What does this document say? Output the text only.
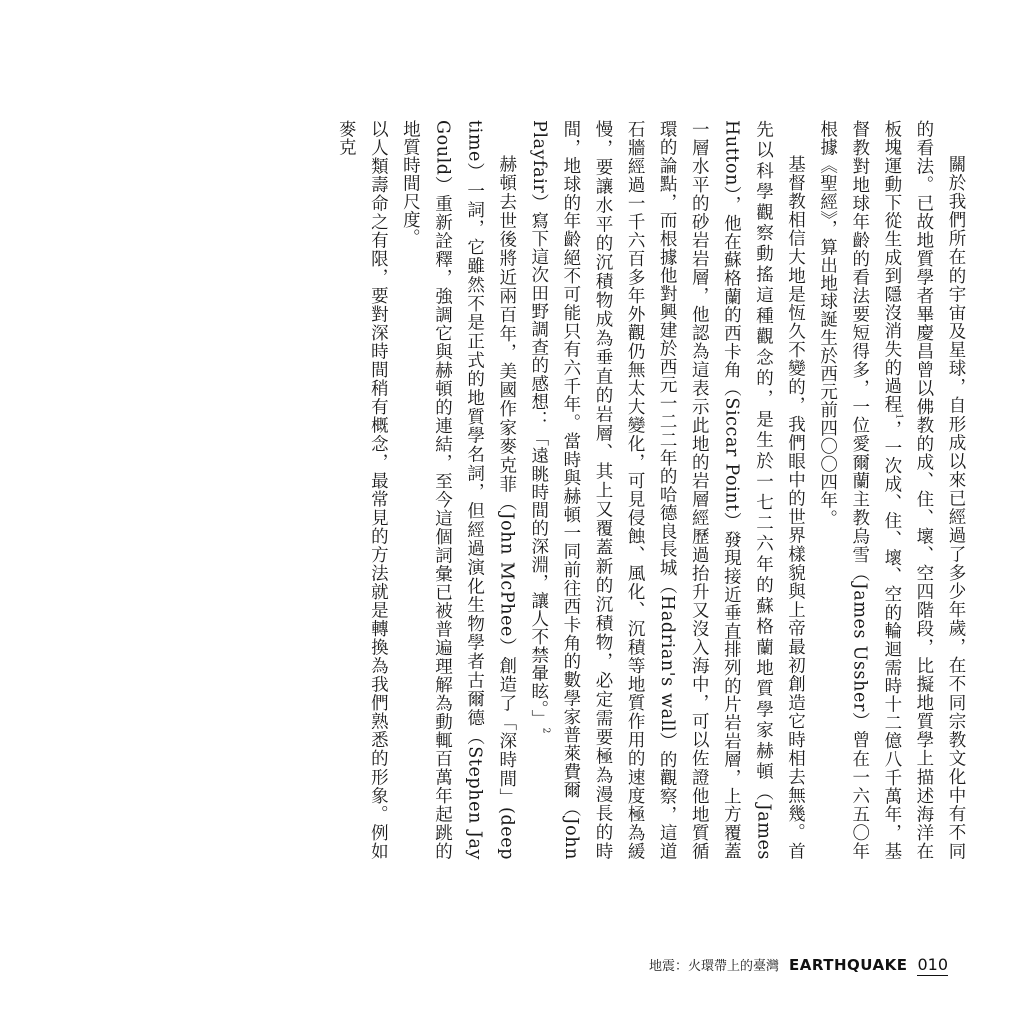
關於我們所在的宇宙及星球，自形成以來已經過了多少年歲，在不同宗教文化中有不同的看法。已故地質學者畢慶昌曾以佛教的成、住、壞、空四階段，比擬地質學上描述海洋在板塊運動下從生成到隱沒消失的過程$^1$，一次成、住、壞、空的輪迴需時十二億八千萬年，基督教對地球年齡的看法要短得多，一位愛爾蘭主教烏雪（James Ussher）曾在一六五〇年根據《聖經》，算出地球誕生於西元前四〇〇四年。

基督教相信大地是恆久不變的，我們眼中的世界樣貌與上帝最初創造它時相去無幾。首先以科學觀察動搖這種觀念的，是生於一七二六年的蘇格蘭地質學家赫頓（James Hutton），他在蘇格蘭的西卡角（Siccar Point）發現接近垂直排列的片岩岩層，上方覆蓋一層水平的砂岩岩層，他認為這表示此地的岩層經歷過抬升又沒入海中，可以佐證他地質循環的論點，而根據他對興建於西元一二二年的哈德良長城（Hadrian's wall）的觀察，這道石牆經過一千六百多年外觀仍無太大變化，可見侵蝕、風化、沉積等地質作用的速度極為緩慢，要讓水平的沉積物成為垂直的岩層、其上又覆蓋新的沉積物，必定需要極為漫長的時間，地球的年齡絕不可能只有六千年。當時與赫頓一同前往西卡角的數學家普萊費爾（John Playfair）寫下這次田野調查的感想：「遠眺時間的深淵，讓人不禁暈眩。」$^2$

赫頓去世後將近兩百年，美國作家麥克菲（John McPhee）創造了「深時間」(deep time）一詞，它雖然不是正式的地質學名詞，但經過演化生物學者古爾德（Stephen Jay Gould）重新詮釋，強調它與赫頓的連結，至今這個詞彙已被普遍理解為動輒百萬年起跳的地質時間尺度。

以人類壽命之有限，要對深時間稍有概念，最常見的方法就是轉換為我們熟悉的形象。例如麥克

地震：火環帶上的臺灣 EARTHQUAKE 010
